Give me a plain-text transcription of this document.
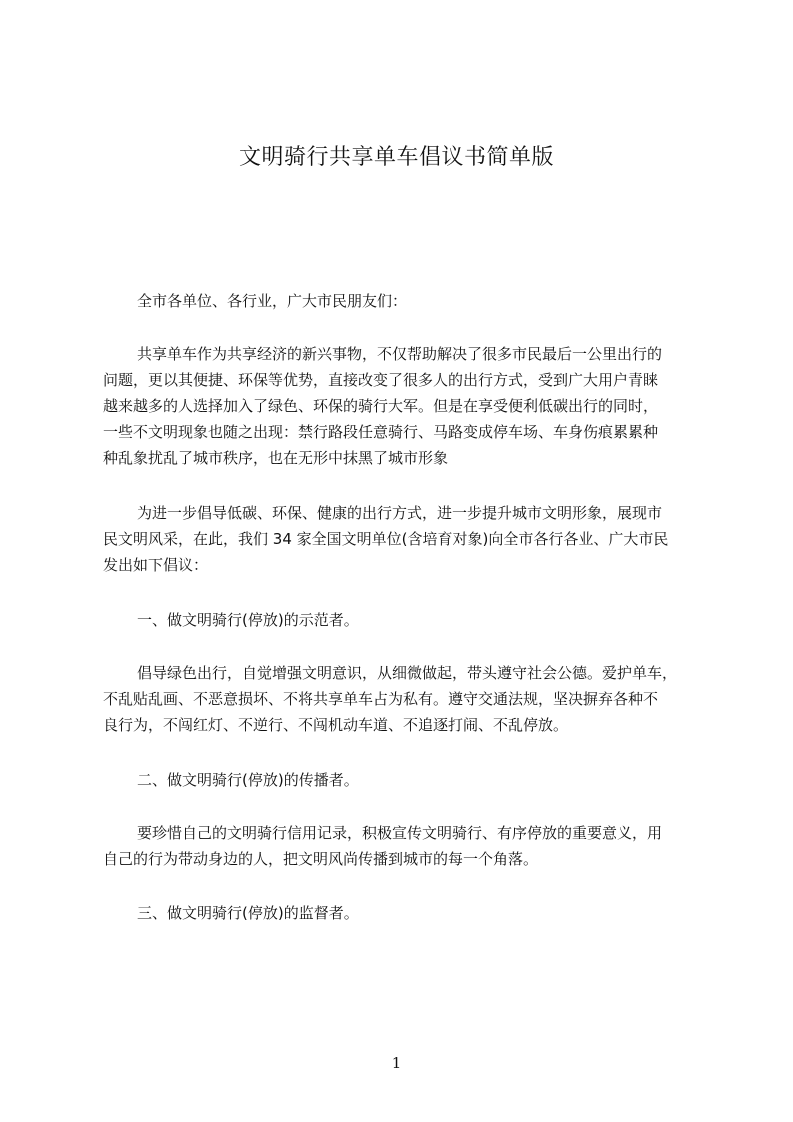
文明骑行共享单车倡议书简单版
全市各单位、各行业，广大市民朋友们：
共享单车作为共享经济的新兴事物，不仅帮助解决了很多市民最后一公里出行的
问题，更以其便捷、环保等优势，直接改变了很多人的出行方式，受到广大用户青睐
越来越多的人选择加入了绿色、环保的骑行大军。但是在享受便利低碳出行的同时，
一些不文明现象也随之出现：禁行路段任意骑行、马路变成停车场、车身伤痕累累种
种乱象扰乱了城市秩序，也在无形中抹黑了城市形象
为进一步倡导低碳、环保、健康的出行方式，进一步提升城市文明形象，展现市
民文明风采，在此，我们 34 家全国文明单位(含培育对象)向全市各行各业、广大市民
发出如下倡议：
一、做文明骑行(停放)的示范者。
倡导绿色出行，自觉增强文明意识，从细微做起，带头遵守社会公德。爱护单车，
不乱贴乱画、不恶意损坏、不将共享单车占为私有。遵守交通法规，坚决摒弃各种不
良行为，不闯红灯、不逆行、不闯机动车道、不追逐打闹、不乱停放。
二、做文明骑行(停放)的传播者。
要珍惜自己的文明骑行信用记录，积极宣传文明骑行、有序停放的重要意义，用
自己的行为带动身边的人，把文明风尚传播到城市的每一个角落。
三、做文明骑行(停放)的监督者。
1
